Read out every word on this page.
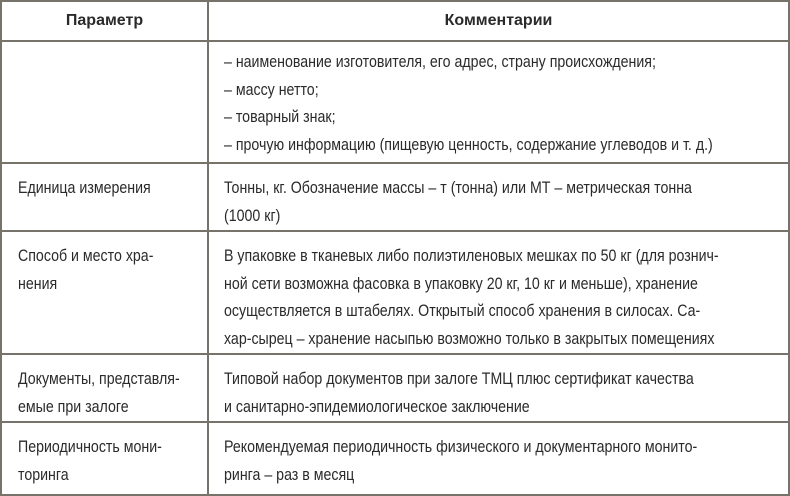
Параметр	Комментарии

	– наименование изготовителя, его адрес, страну происхождения;
– массу нетто;
– товарный знак;
– прочую информацию (пищевую ценность, содержание углеводов и т. д.)

Единица измерения	Тонны, кг. Обозначение массы – т (тонна) или МТ – метрическая тонна
(1000 кг)

Способ и место хра-
нения	В упаковке в тканевых либо полиэтиленовых мешках по 50 кг (для рознич-
ной сети возможна фасовка в упаковку 20 кг, 10 кг и меньше), хранение
осуществляется в штабелях. Открытый способ хранения в силосах. Са-
хар-сырец – хранение насыпью возможно только в закрытых помещениях

Документы, представля-
емые при залоге	Типовой набор документов при залоге ТМЦ плюс сертификат качества
и санитарно-эпидемиологическое заключение

Периодичность мони-
торинга	Рекомендуемая периодичность физического и документарного монито-
ринга – раз в месяц
